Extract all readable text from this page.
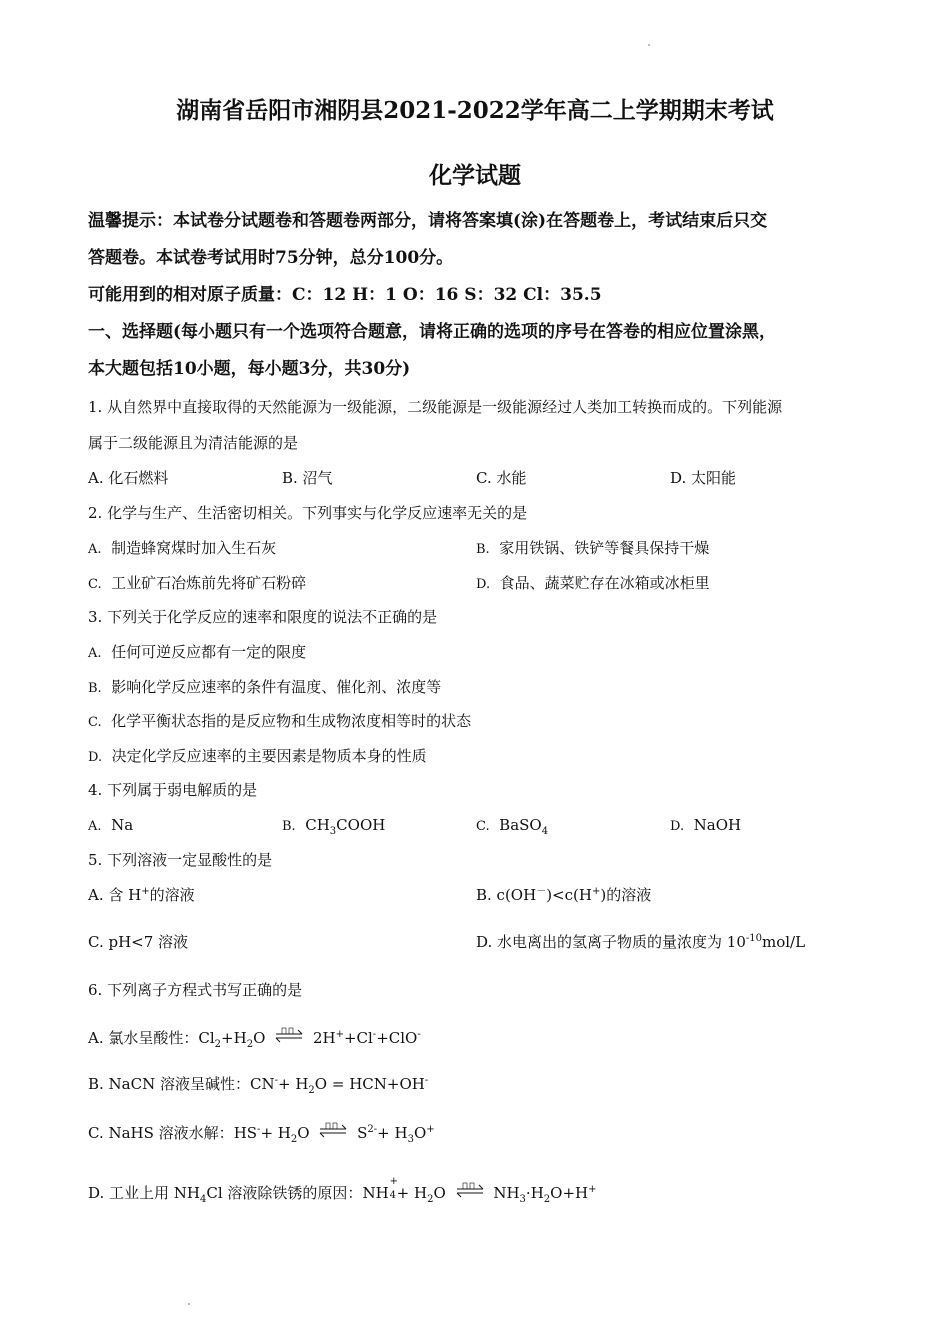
湖南省岳阳市湘阴县2021-2022学年高二上学期期末考试
化学试题
温馨提示：本试卷分试题卷和答题卷两部分，请将答案填(涂)在答题卷上，考试结束后只交
答题卷。本试卷考试用时75分钟，总分100分。
可能用到的相对原子质量：C：12 H：1 O：16 S：32 Cl：35.5
一、选择题(每小题只有一个选项符合题意，请将正确的选项的序号在答卷的相应位置涂黑，
本大题包括10小题，每小题3分，共30分)
1. 从自然界中直接取得的天然能源为一级能源，二级能源是一级能源经过人类加工转换而成的。下列能源
属于二级能源且为清洁能源的是
A. 化石燃料	B. 沼气	C. 水能	D. 太阳能
2. 化学与生产、生活密切相关。下列事实与化学反应速率无关的是
A. 制造蜂窝煤时加入生石灰	B. 家用铁锅、铁铲等餐具保持干燥
C. 工业矿石冶炼前先将矿石粉碎	D. 食品、蔬菜贮存在冰箱或冰柜里
3. 下列关于化学反应的速率和限度的说法不正确的是
A. 任何可逆反应都有一定的限度
B. 影响化学反应速率的条件有温度、催化剂、浓度等
C. 化学平衡状态指的是反应物和生成物浓度相等时的状态
D. 决定化学反应速率的主要因素是物质本身的性质
4. 下列属于弱电解质的是
A. Na	B. $CH_3COOH$	C. BaSO$_4$	D. NaOH
5. 下列溶液一定显酸性的是
A. 含 H+的溶液	B. c(OH－)<c(H+)的溶液
C. pH<7 溶液	D. 水电离出的氢离子物质的量浓度为 $10^{-10}mol/L$
6. 下列离子方程式书写正确的是
A. 氯水呈酸性：$Cl_2+H_2O$	2H++Cl-+ClO-
B. NaCN 溶液呈碱性：$CN^-+ H_2O = HCN+OH^-$
C. NaHS 溶液水解：$HS^-+ H_2O$	$S^{2-}+ H_3O^+$
D. 工业上用 $NH_4Cl$ 溶液除铁锈的原因：NH
+
$4 + H_2O$	$NH_3\cdot H_2O+H^+$
